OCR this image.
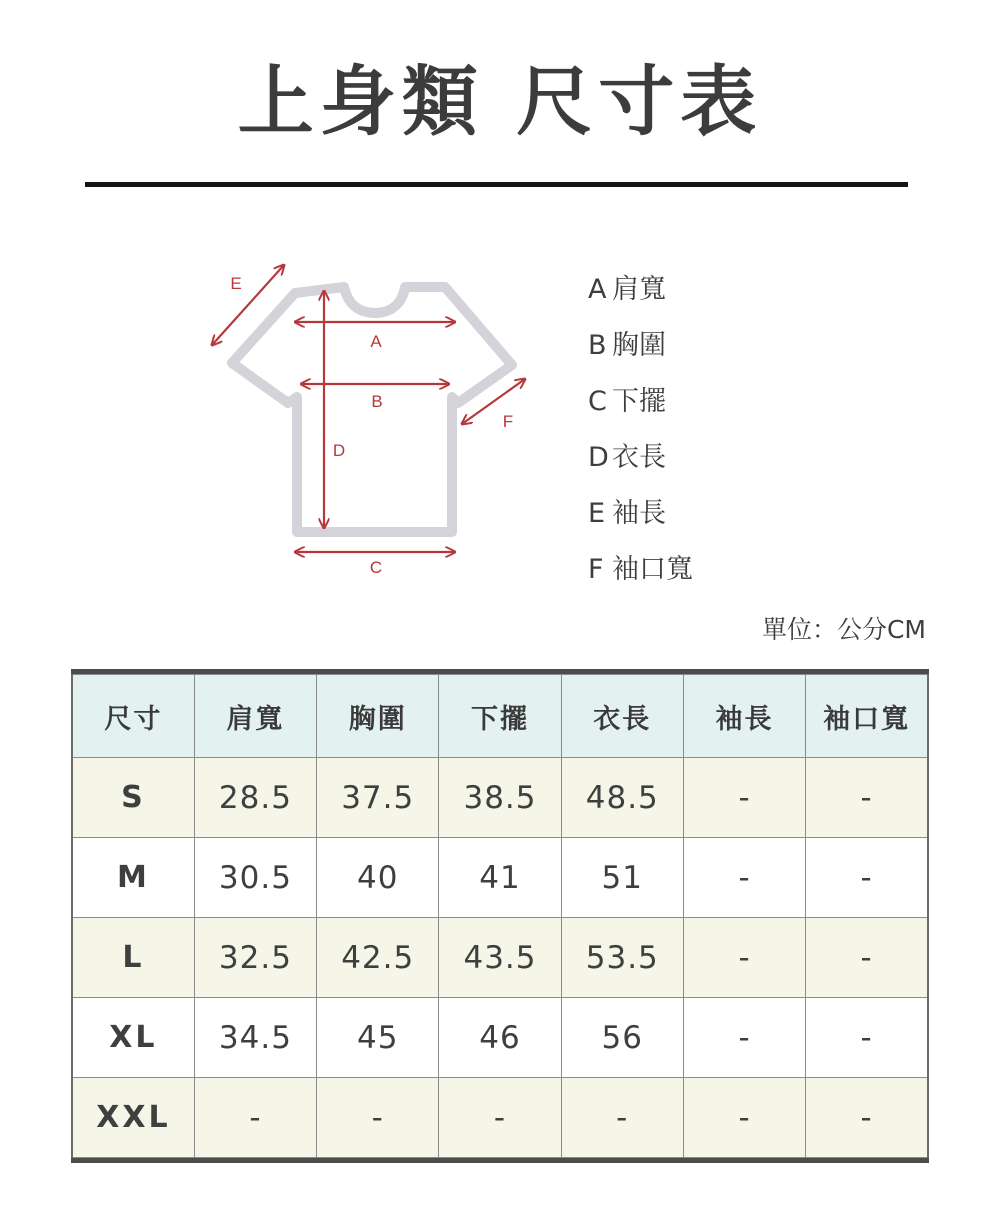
上身類 尺寸表
A
B
C
D
E
F
A 肩寬
B 胸圍
C 下擺
D 衣長
E 袖長
F 袖口寬
單位：公分CM
尺寸	肩寬	胸圍	下擺	衣長	袖長	袖口寬
S	28.5	37.5	38.5	48.5	-	-
M	30.5	40	41	51	-	-
L	32.5	42.5	43.5	53.5	-	-
XL	34.5	45	46	56	-	-
XXL	-	-	-	-	-	-
